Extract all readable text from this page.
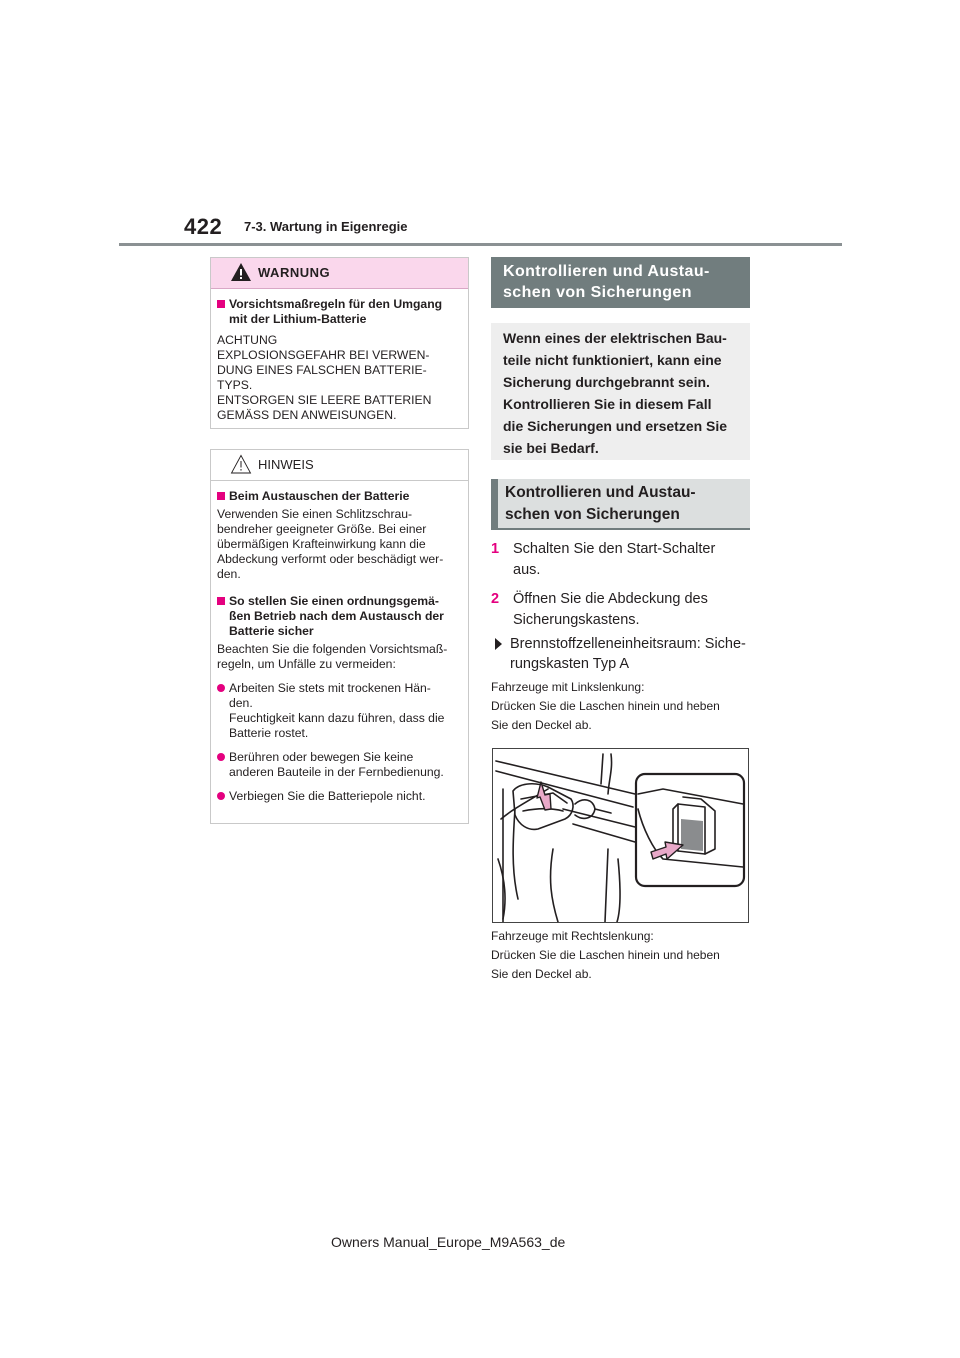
422 7-3. Wartung in Eigenregie
WARNUNG
Vorsichtsmaßregeln für den Umgang mit der Lithium-Batterie
ACHTUNG
EXPLOSIONSGEFAHR BEI VERWEN-
DUNG EINES FALSCHEN BATTERIE-
TYPS.
ENTSORGEN SIE LEERE BATTERIEN
GEMÄSS DEN ANWEISUNGEN.
HINWEIS
Beim Austauschen der Batterie
Verwenden Sie einen Schlitzschrau-
bendreher geeigneter Größe. Bei einer
übermäßigen Krafteinwirkung kann die
Abdeckung verformt oder beschädigt wer-
den.
So stellen Sie einen ordnungsgemä-
ßen Betrieb nach dem Austausch der
Batterie sicher
Beachten Sie die folgenden Vorsichtsmaß-
regeln, um Unfälle zu vermeiden:
Arbeiten Sie stets mit trockenen Hän-
den.
Feuchtigkeit kann dazu führen, dass die
Batterie rostet.
Berühren oder bewegen Sie keine
anderen Bauteile in der Fernbedienung.
Verbiegen Sie die Batteriepole nicht.
Kontrollieren und Austau-
schen von Sicherungen
Wenn eines der elektrischen Bau-
teile nicht funktioniert, kann eine
Sicherung durchgebrannt sein.
Kontrollieren Sie in diesem Fall
die Sicherungen und ersetzen Sie
sie bei Bedarf.
Kontrollieren und Austau-
schen von Sicherungen
1 Schalten Sie den Start-Schalter
aus.
2 Öffnen Sie die Abdeckung des
Sicherungskastens.
Brennstoffzelleneinheitsraum: Siche-
rungskasten Typ A
Fahrzeuge mit Linkslenkung:
Drücken Sie die Laschen hinein und heben
Sie den Deckel ab.
Fahrzeuge mit Rechtslenkung:
Drücken Sie die Laschen hinein und heben
Sie den Deckel ab.
Owners Manual_Europe_M9A563_de
